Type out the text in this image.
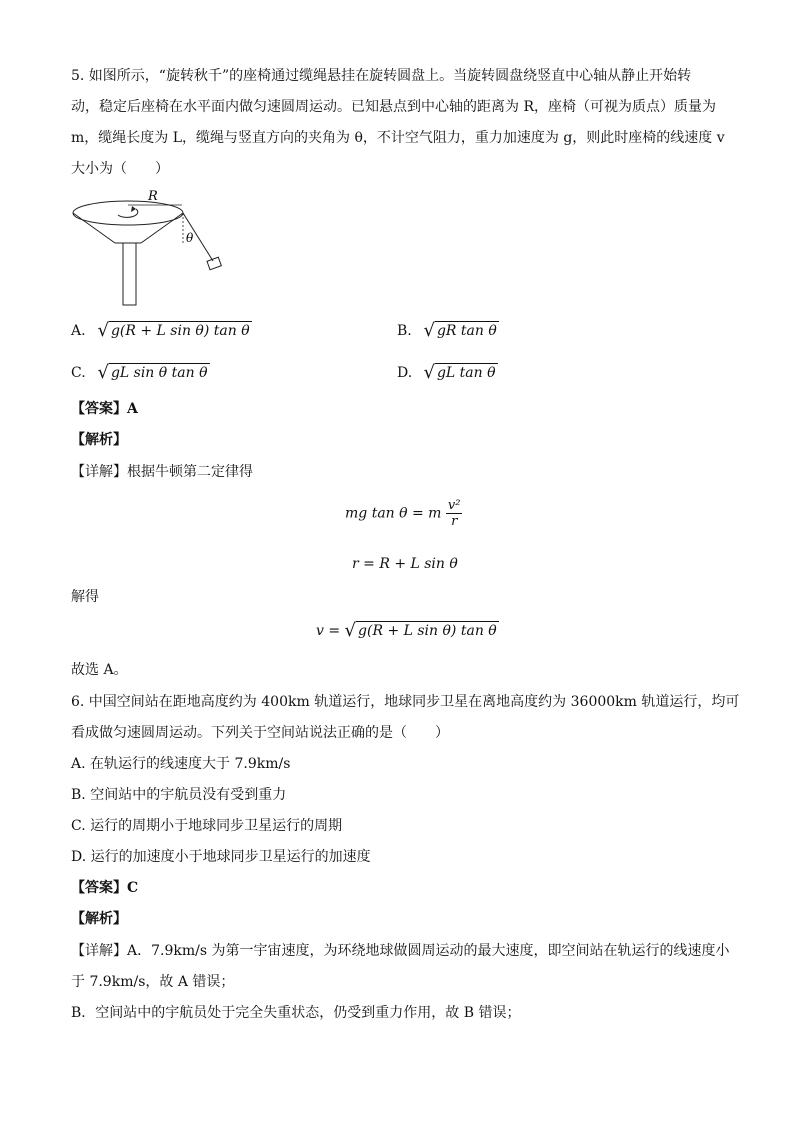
5. 如图所示，“旋转秋千”的座椅通过缆绳悬挂在旋转圆盘上。当旋转圆盘绕竖直中心轴从静止开始转
动，稳定后座椅在水平面内做匀速圆周运动。已知悬点到中心轴的距离为 R，座椅（可视为质点）质量为
m，缆绳长度为 L，缆绳与竖直方向的夹角为 θ，不计空气阻力，重力加速度为 g，则此时座椅的线速度 v
大小为（　　）
R
θ
A. √ g(R + L sin θ) tan θ	B. √ gR tan θ
C. √ gL sin θ tan θ	D. √ gL tan θ
【答案】A
【解析】
【详解】根据牛顿第二定律得
mg tan θ = m $\frac{\text{v²}}{r}$
r = R + L sin θ
解得
v = √ g(R + L sin θ) tan θ
故选 A。
6. 中国空间站在距地高度约为 400km 轨道运行，地球同步卫星在离地高度约为 36000km 轨道运行，均可
看成做匀速圆周运动。下列关于空间站说法正确的是（　　）
A. 在轨运行的线速度大于 7.9km/s
B. 空间站中的宇航员没有受到重力
C. 运行的周期小于地球同步卫星运行的周期
D. 运行的加速度小于地球同步卫星运行的加速度
【答案】C
【解析】
【详解】A．7.9km/s 为第一宇宙速度，为环绕地球做圆周运动的最大速度，即空间站在轨运行的线速度小
于 7.9km/s，故 A 错误；
B．空间站中的宇航员处于完全失重状态，仍受到重力作用，故 B 错误；
